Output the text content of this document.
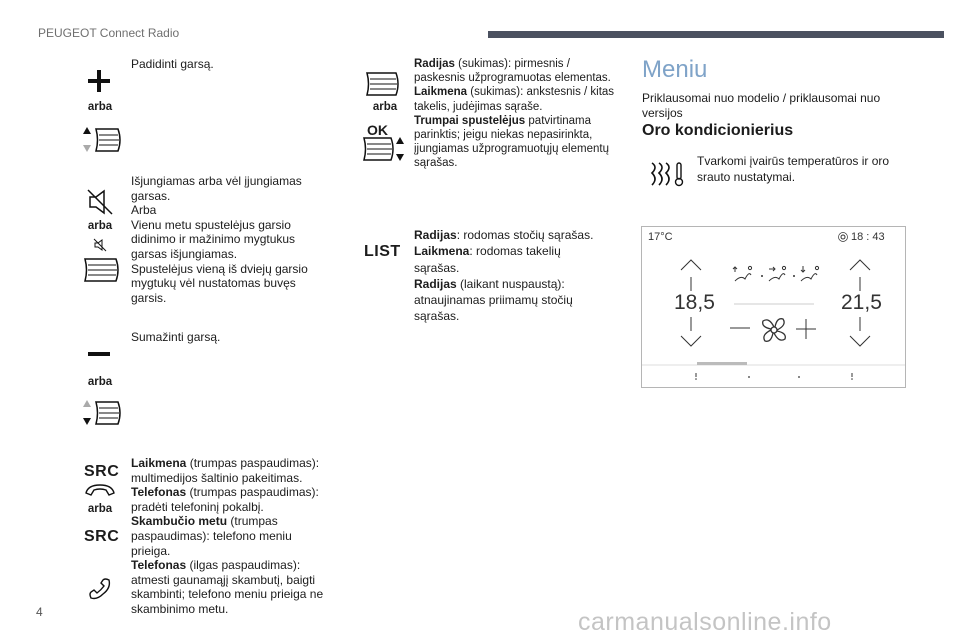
PEUGEOT Connect Radio
arba
Padidinti garsą.
arba
Išjungiamas arba vėl įjungiamas
garsas.
Arba
Vienu metu spustelėjus garsio
didinimo ir mažinimo mygtukus
garsas išjungiamas.
Spustelėjus vieną iš dviejų garsio
mygtukų vėl nustatomas buvęs
garsis.
arba
Sumažinti garsą.
SRC
arba
SRC
Laikmena (trumpas paspaudimas):
multimedijos šaltinio pakeitimas.
Telefonas (trumpas paspaudimas):
pradėti telefoninį pokalbį.
Skambučio metu (trumpas
paspaudimas): telefono meniu
prieiga.
Telefonas (ilgas paspaudimas):
atmesti gaunamąjį skambutį, baigti
skambinti; telefono meniu prieiga ne
skambinimo metu.
arba
OK
Radijas (sukimas): pirmesnis /
paskesnis užprogramuotas elementas.
Laikmena (sukimas): ankstesnis / kitas
takelis, judėjimas sąraše.
Trumpai spustelėjus patvirtinama
parinktis; jeigu niekas nepasirinkta,
įjungiamas užprogramuotųjų elementų
sąrašas.
LIST
Radijas: rodomas stočių sąrašas.
Laikmena: rodomas takelių
sąrašas.
Radijas (laikant nuspaustą):
atnaujinamas priimamų stočių
sąrašas.
Meniu
Priklausomai nuo modelio / priklausomai nuo
versijos
Oro kondicionierius
Tvarkomi įvairūs temperatūros ir oro
srauto nustatymai.
17°C	18 : 43
18,5	21,5
4	carmanualsonline.info
